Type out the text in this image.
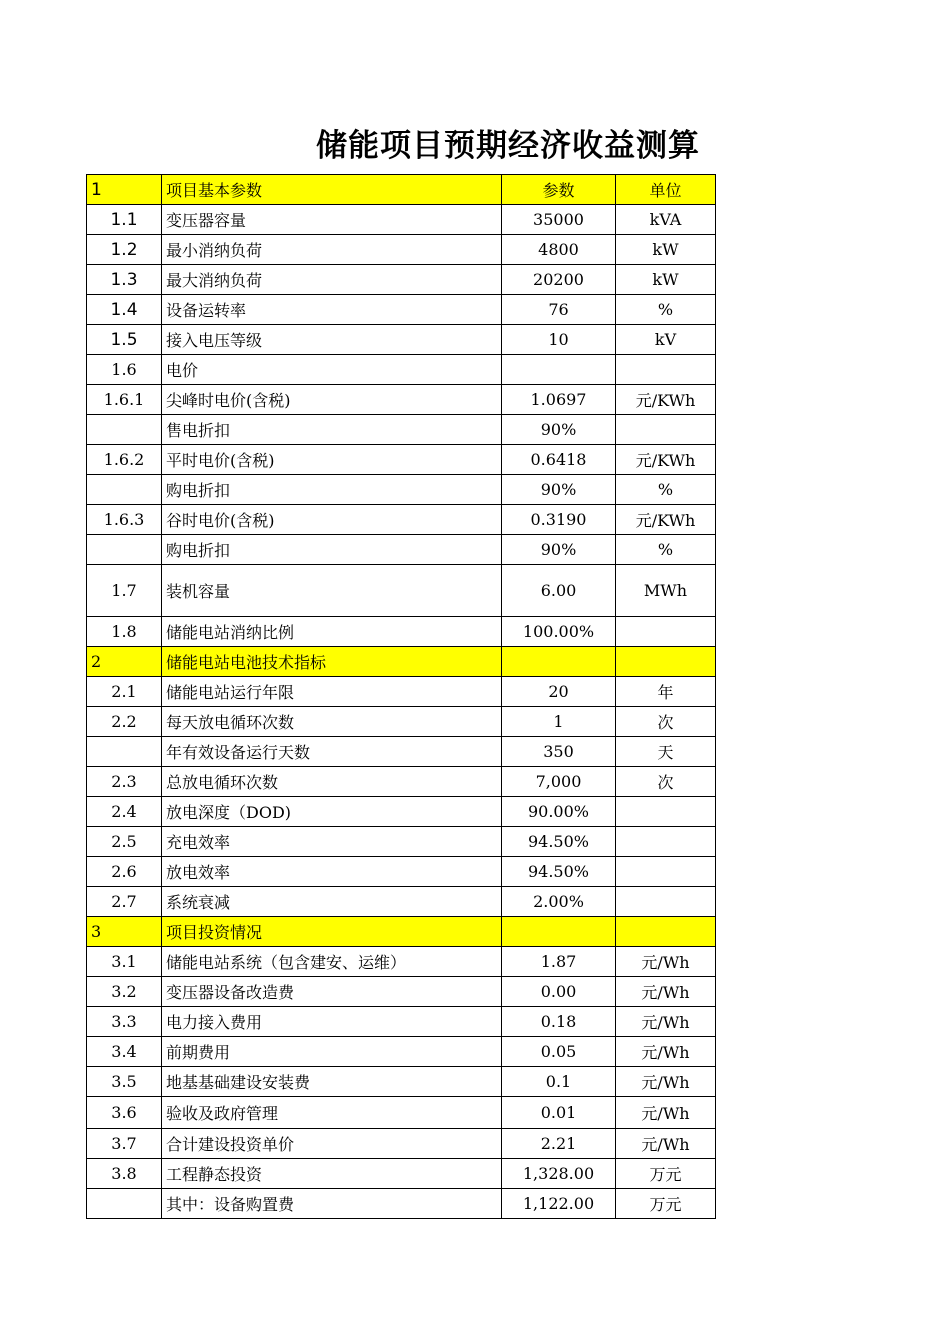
储能项目预期经济收益测算
1	项目基本参数	参数	单位
1.1	变压器容量	35000	kVA
1.2	最小消纳负荷	4800	kW
1.3	最大消纳负荷	20200	kW
1.4	设备运转率	76	%
1.5	接入电压等级	10	kV
1.6	电价		
1.6.1	尖峰时电价(含税)	1.0697	元/KWh
	售电折扣	90%	
1.6.2	平时电价(含税)	0.6418	元/KWh
	购电折扣	90%	%
1.6.3	谷时电价(含税)	0.3190	元/KWh
	购电折扣	90%	%
1.7	装机容量	6.00	MWh
1.8	储能电站消纳比例	100.00%	
2	储能电站电池技术指标		
2.1	储能电站运行年限	20	年
2.2	每天放电循环次数	1	次
	年有效设备运行天数	350	天
2.3	总放电循环次数	7,000	次
2.4	放电深度（DOD)	90.00%	
2.5	充电效率	94.50%	
2.6	放电效率	94.50%	
2.7	系统衰减	2.00%	
3	项目投资情况		
3.1	储能电站系统（包含建安、运维）	1.87	元/Wh
3.2	变压器设备改造费	0.00	元/Wh
3.3	电力接入费用	0.18	元/Wh
3.4	前期费用	0.05	元/Wh
3.5	地基基础建设安装费	0.1	元/Wh
3.6	验收及政府管理	0.01	元/Wh
3.7	合计建设投资单价	2.21	元/Wh
3.8	工程静态投资	1,328.00	万元
	其中：设备购置费	1,122.00	万元
